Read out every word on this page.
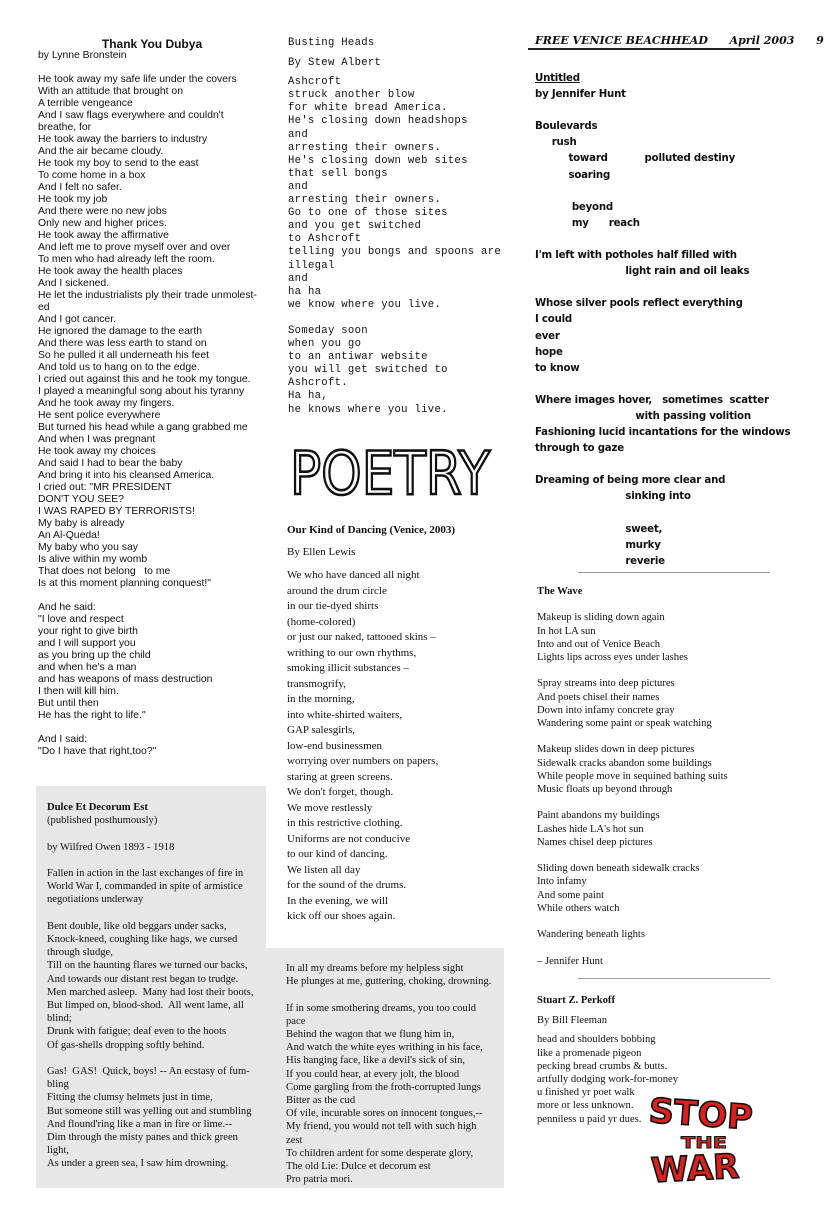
FREE VENICE BEACHHEAD April 2003 9
Thank You Dubya
by Lynne Bronstein
He took away my safe life under the covers
With an attitude that brought on
A terrible vengeance
And I saw flags everywhere and couldn't
breathe, for
He took away the barriers to industry
And the air became cloudy.
He took my boy to send to the east
To come home in a box
And I felt no safer.
He took my job
And there were no new jobs
Only new and higher prices.
He took away the affirmative
And left me to prove myself over and over
To men who had already left the room.
He took away the health places
And I sickened.
He let the industrialists ply their trade unmolest-
ed
And I got cancer.
He ignored the damage to the earth
And there was less earth to stand on
So he pulled it all underneath his feet
And told us to hang on to the edge.
I cried out against this and he took my tongue.
I played a meaningful song about his tyranny
And he took away my fingers.
He sent police everywhere
But turned his head while a gang grabbed me
And when I was pregnant
He took away my choices
And said I had to bear the baby
And bring it into his cleansed America.
I cried out: "MR PRESIDENT
DON'T YOU SEE?
I WAS RAPED BY TERRORISTS!
My baby is already
An Al-Queda!
My baby who you say
Is alive within my womb
That does not belong   to me
Is at this moment planning conquest!"
And he said:
"I love and respect
your right to give birth
and I will support you
as you bring up the child
and when he's a man
and has weapons of mass destruction
I then will kill him.
But until then
He has the right to life."
And I said:
"Do I have that right,too?"
Dulce Et Decorum Est
(published posthumously)
by Wilfred Owen 1893 - 1918
Fallen in action in the last exchanges of fire in
World War I, commanded in spite of armistice
negotiations underway
Bent double, like old beggars under sacks,
Knock-kneed, coughing like hags, we cursed
through sludge,
Till on the haunting flares we turned our backs,
And towards our distant rest began to trudge.
Men marched asleep.  Many had lost their boots,
But limped on, blood-shod.  All went lame, all
blind;
Drunk with fatigue; deaf even to the hoots
Of gas-shells dropping softly behind.
Gas!  GAS!  Quick, boys! -- An ecstasy of fum-
bling
Fitting the clumsy helmets just in time,
But someone still was yelling out and stumbling
And flound'ring like a man in fire or lime.--
Dim through the misty panes and thick green
light,
As under a green sea, I saw him drowning.
In all my dreams before my helpless sight
He plunges at me, guttering, choking, drowning.
If in some smothering dreams, you too could
pace
Behind the wagon that we flung him in,
And watch the white eyes writhing in his face,
His hanging face, like a devil's sick of sin,
If you could hear, at every jolt, the blood
Come gargling from the froth-corrupted lungs
Bitter as the cud
Of vile, incurable sores on innocent tongues,--
My friend, you would not tell with such high
zest
To children ardent for some desperate glory,
The old Lie: Dulce et decorum est
Pro patria mori.
Busting Heads
By Stew Albert
Ashcroft
struck another blow
for white bread America.
He's closing down headshops
and
arresting their owners.
He's closing down web sites
that sell bongs
and
arresting their owners.
Go to one of those sites
and you get switched
to Ashcroft
telling you bongs and spoons are
illegal
and
ha ha
we know where you live.
Someday soon
when you go
to an antiwar website
you will get switched to
Ashcroft.
Ha ha,
he knows where you live.
POETRY
Our Kind of Dancing (Venice, 2003)
By Ellen Lewis
We who have danced all night
around the drum circle
in our tie-dyed shirts
(home-colored)
or just our naked, tattooed skins –
writhing to our own rhythms,
smoking illicit substances –
transmogrify,
in the morning,
into white-shirted waiters,
GAP salesgirls,
low-end businessmen
worrying over numbers on papers,
staring at green screens.
We don't forget, though.
We move restlessly
in this restrictive clothing.
Uniforms are not conducive
to our kind of dancing.
We listen all day
for the sound of the drums.
In the evening, we will
kick off our shoes again.
Untitled
by Jennifer Hunt
Boulevards
rush
toward           polluted destiny
soaring
beyond
my      reach
I'm left with potholes half filled with
light rain and oil leaks
Whose silver pools reflect everything
I could
ever
hope
to know
Where images hover,   sometimes  scatter
with passing volition
Fashioning lucid incantations for the windows
through to gaze
Dreaming of being more clear and
sinking into
sweet,
murky
reverie
The Wave
Makeup is sliding down again
In hot LA sun
Into and out of Venice Beach
Lights lips across eyes under lashes
Spray streams into deep pictures
And poets chisel their names
Down into infamy concrete gray
Wandering some paint or speak watching
Makeup slides down in deep pictures
Sidewalk cracks abandon some buildings
While people move in sequined bathing suits
Music floats up beyond through
Paint abandons my buildings
Lashes hide LA's hot sun
Names chisel deep pictures
Sliding down beneath sidewalk cracks
Into infamy
And some paint
While others watch
Wandering beneath lights
– Jennifer Hunt
Stuart Z. Perkoff
By Bill Fleeman
head and shoulders bobbing
like a promenade pigeon
pecking bread crumbs & butts.
artfully dodging work-for-money
u finished yr poet walk
more or less unknown.
penniless u paid yr dues. STOP
THE
WAR
